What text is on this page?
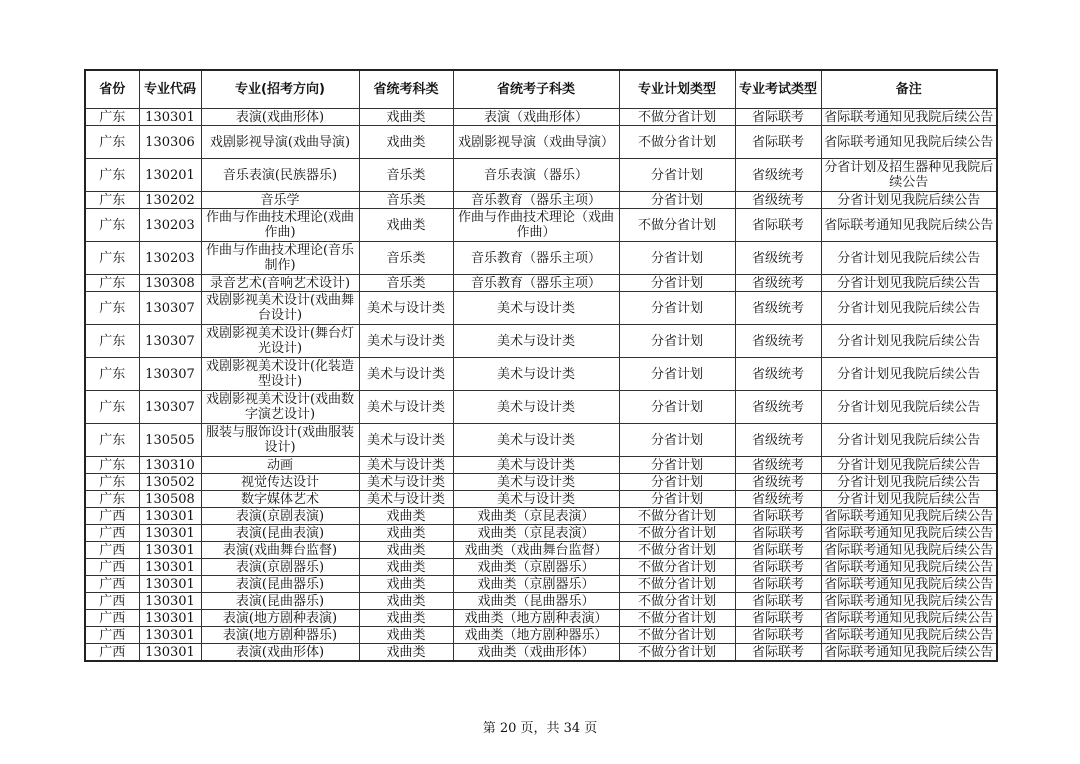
省份	专业代码	专业(招考方向)	省统考科类	省统考子科类	专业计划类型	专业考试类型	备注
广东	130301	表演(戏曲形体)	戏曲类	表演（戏曲形体）	不做分省计划	省际联考	省际联考通知见我院后续公告
广东	130306	戏剧影视导演(戏曲导演)	戏曲类	戏剧影视导演（戏曲导演）	不做分省计划	省际联考	省际联考通知见我院后续公告
广东	130201	音乐表演(民族器乐)	音乐类	音乐表演（器乐）	分省计划	省级统考	分省计划及招生器种见我院后续公告
广东	130202	音乐学	音乐类	音乐教育（器乐主项）	分省计划	省级统考	分省计划见我院后续公告
广东	130203	作曲与作曲技术理论(戏曲作曲)	戏曲类	作曲与作曲技术理论（戏曲作曲）	不做分省计划	省际联考	省际联考通知见我院后续公告
广东	130203	作曲与作曲技术理论(音乐制作)	音乐类	音乐教育（器乐主项）	分省计划	省级统考	分省计划见我院后续公告
广东	130308	录音艺术(音响艺术设计)	音乐类	音乐教育（器乐主项）	分省计划	省级统考	分省计划见我院后续公告
广东	130307	戏剧影视美术设计(戏曲舞台设计)	美术与设计类	美术与设计类	分省计划	省级统考	分省计划见我院后续公告
广东	130307	戏剧影视美术设计(舞台灯光设计)	美术与设计类	美术与设计类	分省计划	省级统考	分省计划见我院后续公告
广东	130307	戏剧影视美术设计(化装造型设计)	美术与设计类	美术与设计类	分省计划	省级统考	分省计划见我院后续公告
广东	130307	戏剧影视美术设计(戏曲数字演艺设计)	美术与设计类	美术与设计类	分省计划	省级统考	分省计划见我院后续公告
广东	130505	服装与服饰设计(戏曲服装设计)	美术与设计类	美术与设计类	分省计划	省级统考	分省计划见我院后续公告
广东	130310	动画	美术与设计类	美术与设计类	分省计划	省级统考	分省计划见我院后续公告
广东	130502	视觉传达设计	美术与设计类	美术与设计类	分省计划	省级统考	分省计划见我院后续公告
广东	130508	数字媒体艺术	美术与设计类	美术与设计类	分省计划	省级统考	分省计划见我院后续公告
广西	130301	表演(京剧表演)	戏曲类	戏曲类（京昆表演）	不做分省计划	省际联考	省际联考通知见我院后续公告
广西	130301	表演(昆曲表演)	戏曲类	戏曲类（京昆表演）	不做分省计划	省际联考	省际联考通知见我院后续公告
广西	130301	表演(戏曲舞台监督)	戏曲类	戏曲类（戏曲舞台监督）	不做分省计划	省际联考	省际联考通知见我院后续公告
广西	130301	表演(京剧器乐)	戏曲类	戏曲类（京剧器乐）	不做分省计划	省际联考	省际联考通知见我院后续公告
广西	130301	表演(昆曲器乐)	戏曲类	戏曲类（京剧器乐）	不做分省计划	省际联考	省际联考通知见我院后续公告
广西	130301	表演(昆曲器乐)	戏曲类	戏曲类（昆曲器乐）	不做分省计划	省际联考	省际联考通知见我院后续公告
广西	130301	表演(地方剧种表演)	戏曲类	戏曲类（地方剧种表演）	不做分省计划	省际联考	省际联考通知见我院后续公告
广西	130301	表演(地方剧种器乐)	戏曲类	戏曲类（地方剧种器乐）	不做分省计划	省际联考	省际联考通知见我院后续公告
广西	130301	表演(戏曲形体)	戏曲类	戏曲类（戏曲形体）	不做分省计划	省际联考	省际联考通知见我院后续公告
第 20 页，共 34 页
